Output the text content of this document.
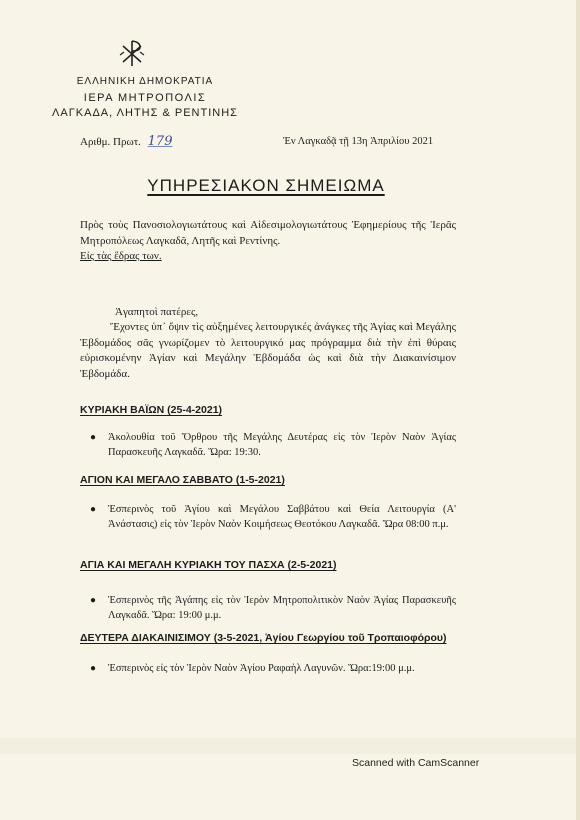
ΕΛΛΗΝΙΚΗ ΔΗΜΟΚΡΑΤΙΑ
ΙΕΡΑ ΜΗΤΡΟΠΟΛΙΣ
ΛΑΓΚΑΔΑ, ΛΗΤΗΣ & ΡΕΝΤΙΝΗΣ
Αριθμ. Πρωτ. 179	Ἐν Λαγκαδᾷ τῇ 13η Ἀπριλίου 2021
ΥΠΗΡΕΣΙΑΚΟΝ ΣΗΜΕΙΩΜΑ
Πρὸς τοὺς Πανοσιολογιωτάτους καὶ Αἰδεσιμολογιωτάτους Ἐφημερίους τῆς Ἱερᾶς Μητροπόλεως Λαγκαδᾶ, Λητῆς καὶ Ρεντίνης.
Εἰς τὰς ἕδρας των.
Ἀγαπητοὶ πατέρες,
Ἔχοντες ὑπ᾽ ὄψιν τὶς αὐξημένες λειτουργικές ἀνάγκες τῆς Ἁγίας καὶ Μεγάλης Ἑβδομάδος σᾶς γνωρίζομεν τὸ λειτουργικό μας πρόγραμμα διὰ τὴν ἐπὶ θύραις εὑρισκομένην Ἁγίαν καὶ Μεγάλην Ἑβδομάδα ὡς καὶ διὰ τὴν Διακαινίσιμον Ἑβδομάδα.
ΚΥΡΙΑΚΗ ΒΑΪΩΝ (25-4-2021)
●	Ἀκολουθία τοῦ Ὄρθρου τῆς Μεγάλης Δευτέρας εἰς τὸν Ἱερὸν Ναὸν Ἁγίας Παρασκευῆς Λαγκαδᾶ. Ὥρα: 19:30.
ΑΓΙΟΝ ΚΑΙ ΜΕΓΑΛΟ ΣΑΒΒΑΤΟ (1-5-2021)
●	Ἑσπερινὸς τοῦ Ἁγίου καὶ Μεγάλου Σαββάτου καὶ Θεία Λειτουργία (Α' Ἀνάστασις) εἰς τὸν Ἱερὸν Ναὸν Κοιμήσεως Θεοτόκου Λαγκαδᾶ. Ὥρα 08:00 π.μ.
ΑΓΙΑ ΚΑΙ ΜΕΓΑΛΗ ΚΥΡΙΑΚΗ ΤΟΥ ΠΑΣΧΑ (2-5-2021)
●	Ἑσπερινὸς τῆς Ἀγάπης εἰς τὸν Ἱερὸν Μητροπολιτικὸν Ναὸν Ἁγίας Παρασκευῆς Λαγκαδᾶ. Ὥρα: 19:00 μ.μ.
ΔΕΥΤΕΡΑ ΔΙΑΚΑΙΝΙΣΙΜΟΥ (3-5-2021, Ἁγίου Γεωργίου τοῦ Τροπαιοφόρου)
●	Ἑσπερινὸς εἰς τὸν Ἱερὸν Ναὸν Ἁγίου Ραφαὴλ Λαγυνῶν. Ὥρα:19:00 μ.μ.
Scanned with CamScanner
